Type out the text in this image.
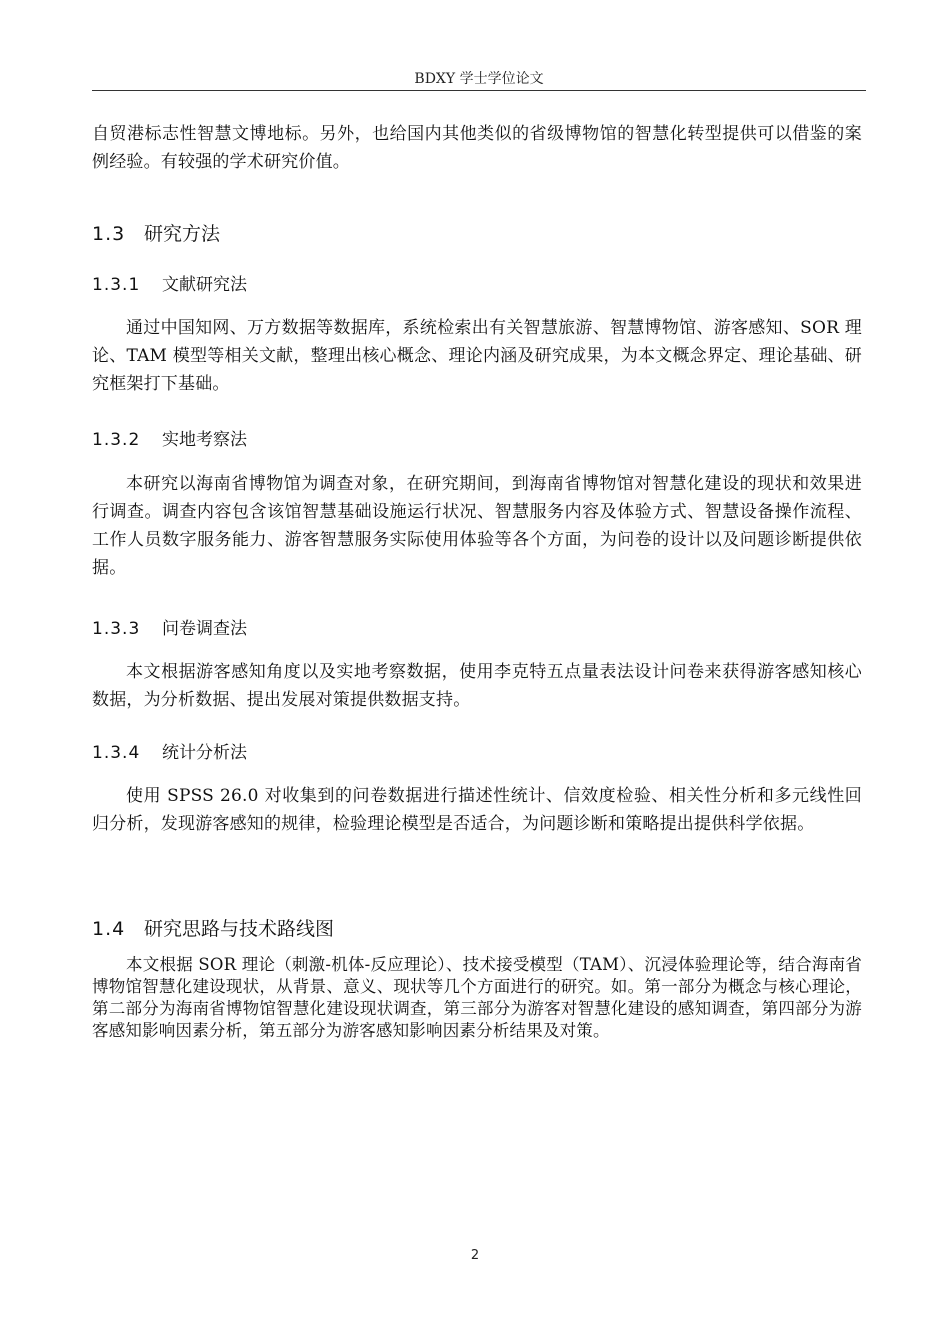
BDXY 学士学位论文
自贸港标志性智慧文博地标。另外，也给国内其他类似的省级博物馆的智慧化转型提供可以借鉴的案例经验。有较强的学术研究价值。
1.3 研究方法
1.3.1 文献研究法
通过中国知网、万方数据等数据库，系统检索出有关智慧旅游、智慧博物馆、游客感知、SOR 理论、TAM 模型等相关文献，整理出核心概念、理论内涵及研究成果，为本文概念界定、理论基础、研究框架打下基础。
1.3.2 实地考察法
本研究以海南省博物馆为调查对象，在研究期间，到海南省博物馆对智慧化建设的现状和效果进行调查。调查内容包含该馆智慧基础设施运行状况、智慧服务内容及体验方式、智慧设备操作流程、工作人员数字服务能力、游客智慧服务实际使用体验等各个方面，为问卷的设计以及问题诊断提供依据。
1.3.3 问卷调查法
本文根据游客感知角度以及实地考察数据，使用李克特五点量表法设计问卷来获得游客感知核心数据，为分析数据、提出发展对策提供数据支持。
1.3.4 统计分析法
使用 SPSS 26.0 对收集到的问卷数据进行描述性统计、信效度检验、相关性分析和多元线性回归分析，发现游客感知的规律，检验理论模型是否适合，为问题诊断和策略提出提供科学依据。
1.4 研究思路与技术路线图
本文根据 SOR 理论（刺激-机体-反应理论）、技术接受模型（TAM）、沉浸体验理论等，结合海南省博物馆智慧化建设现状，从背景、意义、现状等几个方面进行的研究。如。第一部分为概念与核心理论，第二部分为海南省博物馆智慧化建设现状调查，第三部分为游客对智慧化建设的感知调查，第四部分为游客感知影响因素分析，第五部分为游客感知影响因素分析结果及对策。
2
